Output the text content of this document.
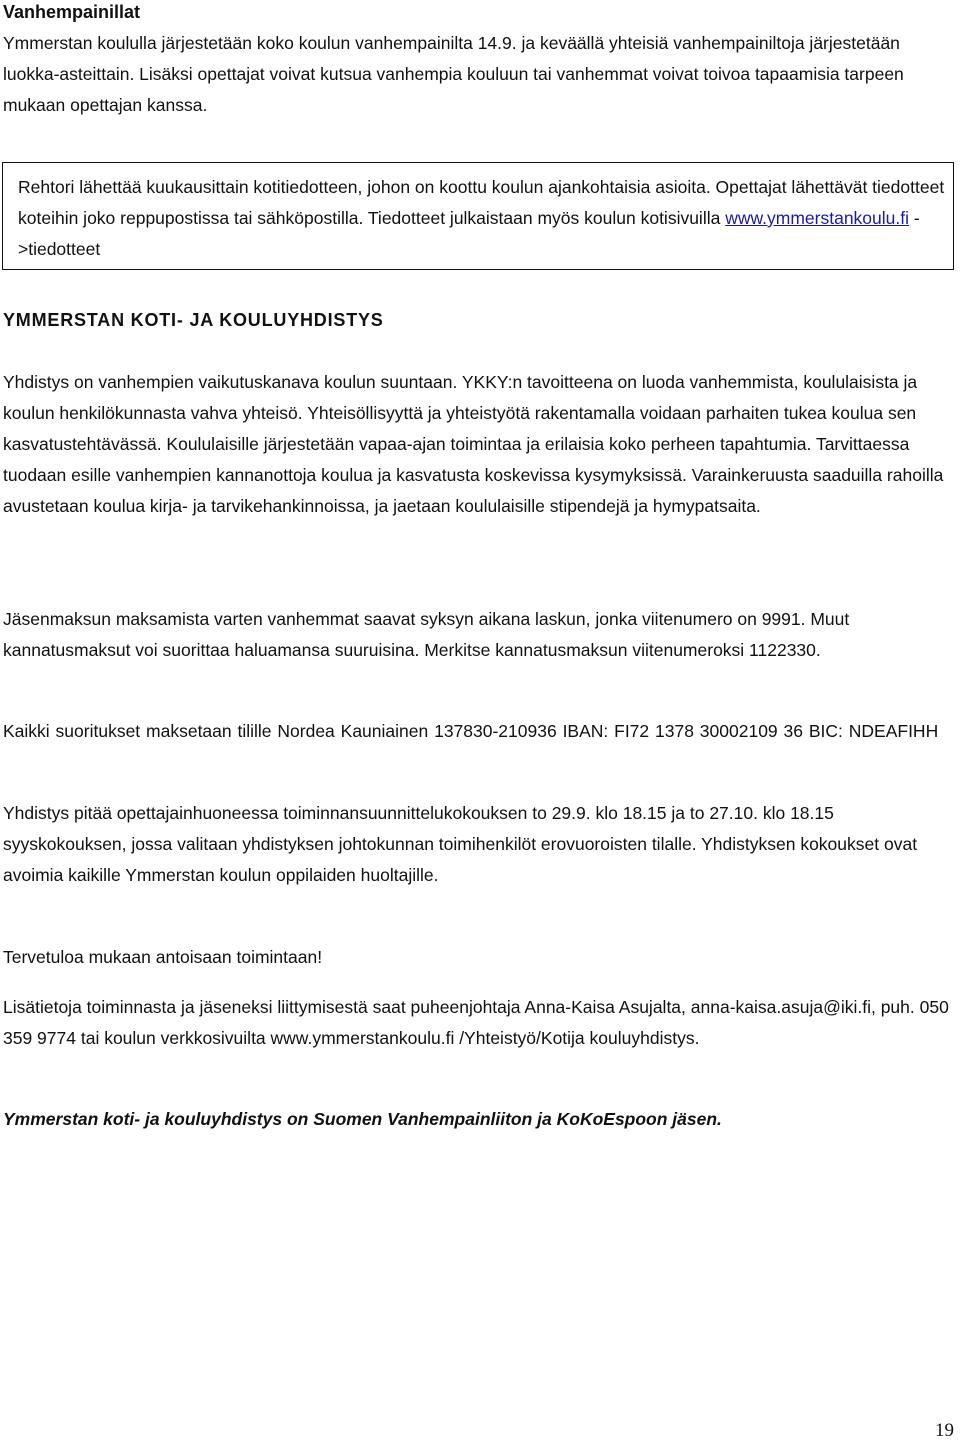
Vanhempainillat
Ymmerstan koululla järjestetään koko koulun vanhempainilta 14.9. ja keväällä yhteisiä vanhempainiltoja järjestetään luokka-asteittain. Lisäksi opettajat voivat kutsua vanhempia kouluun tai vanhemmat voivat toivoa tapaamisia tarpeen mukaan opettajan kanssa.
Rehtori lähettää kuukausittain kotitiedotteen, johon on koottu koulun ajankohtaisia asioita. Opettajat lähettävät tiedotteet koteihin joko reppupostissa tai sähköpostilla. Tiedotteet julkaistaan myös koulun kotisivuilla www.ymmerstankoulu.fi ->tiedotteet
YMMERSTAN KOTI- JA KOULUYHDISTYS
Yhdistys on vanhempien vaikutuskanava koulun suuntaan. YKKY:n tavoitteena on luoda vanhemmista, koululaisista ja koulun henkilökunnasta vahva yhteisö. Yhteisöllisyyttä ja yhteistyötä rakentamalla voidaan parhaiten tukea koulua sen kasvatustehtävässä. Koululaisille järjestetään vapaa-ajan toimintaa ja erilaisia koko perheen tapahtumia. Tarvittaessa tuodaan esille vanhempien kannanottoja koulua ja kasvatusta koskevissa kysymyksissä. Varainkeruusta saaduilla rahoilla avustetaan koulua kirja- ja tarvikehankinnoissa, ja jaetaan koululaisille stipendejä ja hymypatsaita.
Jäsenmaksun maksamista varten vanhemmat saavat syksyn aikana laskun, jonka viitenumero on 9991. Muut kannatusmaksut voi suorittaa haluamansa suuruisina. Merkitse kannatusmaksun viitenumeroksi 1122330.
Kaikki suoritukset maksetaan tilille Nordea Kauniainen 137830-210936 IBAN: FI72 1378 30002109 36 BIC: NDEAFIHH
Yhdistys pitää opettajainhuoneessa toiminnansuunnittelukokouksen to 29.9. klo 18.15 ja to 27.10. klo 18.15 syyskokouksen, jossa valitaan yhdistyksen johtokunnan toimihenkilöt erovuoroisten tilalle. Yhdistyksen kokoukset ovat avoimia kaikille Ymmerstan koulun oppilaiden huoltajille.
Tervetuloa mukaan antoisaan toimintaan!
Lisätietoja toiminnasta ja jäseneksi liittymisestä saat puheenjohtaja Anna-Kaisa Asujalta, anna-kaisa.asuja@iki.fi, puh. 050 359 9774 tai koulun verkkosivuilta www.ymmerstankoulu.fi /Yhteistyö/Kotija kouluyhdistys.
Ymmerstan koti- ja kouluyhdistys on Suomen Vanhempainliiton ja KoKoEspoon jäsen.
19
